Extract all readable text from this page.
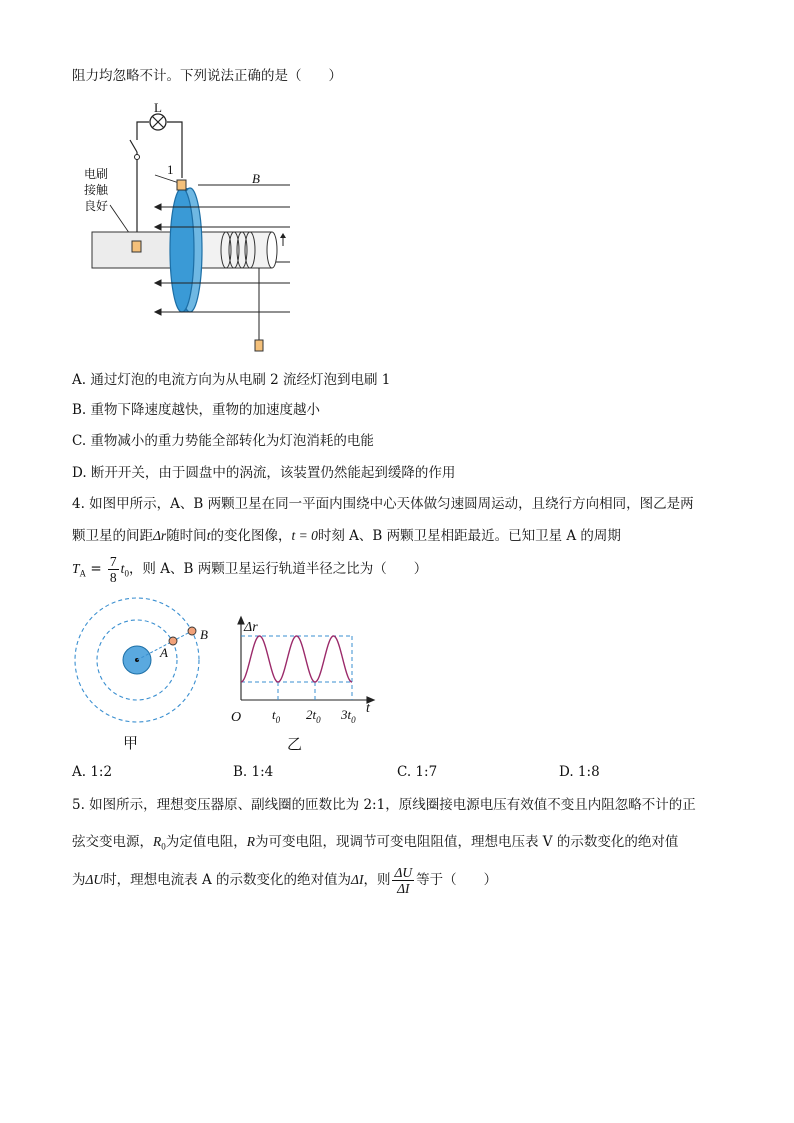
阻力均忽略不计。下列说法正确的是（　　）
L
电刷
接触
良好
1
B
A. 通过灯泡的电流方向为从电刷 2 流经灯泡到电刷 1
B. 重物下降速度越快，重物的加速度越小
C. 重物减小的重力势能全部转化为灯泡消耗的电能
D. 断开开关，由于圆盘中的涡流，该装置仍然能起到缓降的作用
4. 如图甲所示，A、B 两颗卫星在同一平面内围绕中心天体做匀速圆周运动，且绕行方向相同，图乙是两
颗卫星的间距Δr随时间t的变化图像，t = 0时刻 A、B 两颗卫星相距最近。已知卫星 A 的周期
$T_A = \frac{7}{8} t_0$，则 A、B 两颗卫星运行轨道半径之比为（　　）
A
B
甲
Δr
t
O $t_0$ $2t_0$ $3t_0$
乙
A. 1:2	B. 1:4	C. 1:7	D. 1:8
5. 如图所示，理想变压器原、副线圈的匝数比为 2:1，原线圈接电源电压有效值不变且内阻忽略不计的正
弦交变电源，$R_0$为定值电阻，R为可变电阻，现调节可变电阻阻值，理想电压表 V 的示数变化的绝对值
为ΔU时，理想电流表 A 的示数变化的绝对值为ΔI，则 $\frac{\Delta U}{\Delta I}$ 等于（　　）
